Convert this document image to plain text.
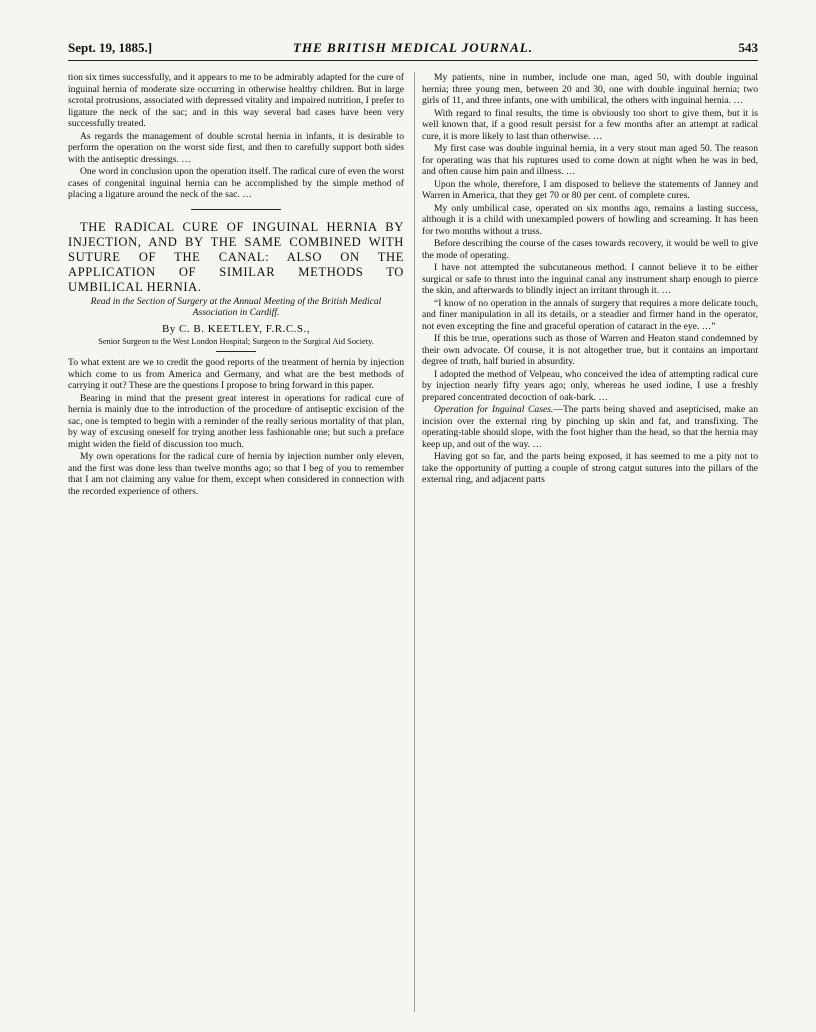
Sept. 19, 1885.]	THE BRITISH MEDICAL JOURNAL.	543

tion six times successfully, and it appears to me to be admirably adapted for the cure of inguinal hernia of moderate size occurring in otherwise healthy children. But in large scrotal protrusions, associated with depressed vitality and impaired nutrition, I prefer to ligature the neck of the sac; and in this way several bad cases have been very successfully treated.

As regards the management of double scrotal hernia in infants, it is desirable to perform the operation on the worst side first, and then to carefully support both sides with the antiseptic dressings. …

One word in conclusion upon the operation itself. The radical cure of even the worst cases of congenital inguinal hernia can be accomplished by the simple method of placing a ligature around the neck of the sac. …

THE RADICAL CURE OF INGUINAL HERNIA BY INJECTION, AND BY THE SAME COMBINED WITH SUTURE OF THE CANAL: ALSO ON THE APPLICATION OF SIMILAR METHODS TO UMBILICAL HERNIA.

Read in the Section of Surgery at the Annual Meeting of the British Medical Association in Cardiff.
By C. B. KEETLEY, F.R.C.S.,
Senior Surgeon to the West London Hospital; Surgeon to the Surgical Aid Society.

To what extent are we to credit the good reports of the treatment of hernia by injection which come to us from America and Germany, and what are the best methods of carrying it out? These are the questions I propose to bring forward in this paper.

Bearing in mind that the present great interest in operations for radical cure of hernia is mainly due to the introduction of the procedure of antiseptic excision of the sac, one is tempted to begin with a reminder of the really serious mortality of that plan, by way of excusing oneself for trying another less fashionable one; but such a preface might widen the field of discussion too much.

My own operations for the radical cure of hernia by injection number only eleven, and the first was done less than twelve months ago; so that I beg of you to remember that I am not claiming any value for them, except when considered in connection with the recorded experience of others.

My patients, nine in number, include one man, aged 50, with double inguinal hernia; three young men, between 20 and 30, one with double inguinal hernia; two girls of 11, and three infants, one with umbilical, the others with inguinal hernia. …

With regard to final results, the time is obviously too short to give them, but it is well known that, if a good result persist for a few months after an attempt at radical cure, it is more likely to last than otherwise. …

My first case was double inguinal hernia, in a very stout man aged 50. The reason for operating was that his ruptures used to come down at night when he was in bed, and often cause him pain and illness. …

Upon the whole, therefore, I am disposed to believe the statements of Janney and Warren in America, that they get 70 or 80 per cent. of complete cures.

My only umbilical case, operated on six months ago, remains a lasting success, although it is a child with unexampled powers of howling and screaming. It has been for two months without a truss.

Before describing the course of the cases towards recovery, it would be well to give the mode of operating.

I have not attempted the subcutaneous method. I cannot believe it to be either surgical or safe to thrust into the inguinal canal any instrument sharp enough to pierce the skin, and afterwards to blindly inject an irritant through it. …

“I know of no operation in the annals of surgery that requires a more delicate touch, and finer manipulation in all its details, or a steadier and firmer hand in the operator, not even excepting the fine and graceful operation of cataract in the eye. …”

If this be true, operations such as those of Warren and Heaton stand condemned by their own advocate. Of course, it is not altogether true, but it contains an important degree of truth, half buried in absurdity.

I adopted the method of Velpeau, who conceived the idea of attempting radical cure by injection nearly fifty years ago; only, whereas he used iodine, I use a freshly prepared concentrated decoction of oak-bark. …

Operation for Inguinal Cases.—The parts being shaved and asepticised, make an incision over the external ring by pinching up skin and fat, and transfixing. The operating-table should slope, with the foot higher than the head, so that the hernia may keep up, and out of the way. …

Having got so far, and the parts being exposed, it has seemed to me a pity not to take the opportunity of putting a couple of strong catgut sutures into the pillars of the external ring, and adjacent parts
